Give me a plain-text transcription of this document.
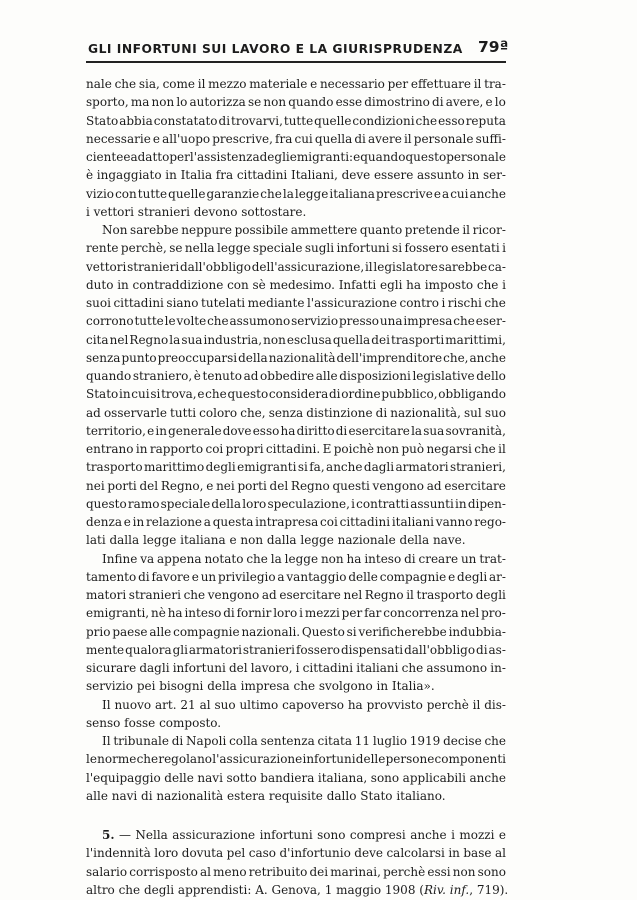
GLI INFORTUNI SUI LAVORO E LA GIURISPRUDENZA 79ª
nale che sia, come il mezzo materiale e necessario per effettuare il tra-
sporto, ma non lo autorizza se non quando esse dimostrino di avere, e lo
Stato abbia constatato di trovarvi, tutte quelle condizioni che esso reputa
necessarie e all'uopo prescrive, fra cui quella di avere il personale suffi-
ciente e adatto per l'assistenza degli emigranti: e quando questo personale
è ingaggiato in Italia fra cittadini Italiani, deve essere assunto in ser-
vizio con tutte quelle garanzie che la legge italiana prescrive e a cui anche
i vettori stranieri devono sottostare.
Non sarebbe neppure possibile ammettere quanto pretende il ricor-
rente perchè, se nella legge speciale sugli infortuni si fossero esentati i
vettori stranieri dall'obbligo dell'assicurazione, il legislatore sarebbe ca-
duto in contraddizione con sè medesimo. Infatti egli ha imposto che i
suoi cittadini siano tutelati mediante l'assicurazione contro i rischi che
corrono tutte le volte che assumono servizio presso una impresa che eser-
cita nel Regno la sua industria, non esclusa quella dei trasporti marittimi,
senza punto preoccuparsi della nazionalità dell'imprenditore che, anche
quando straniero, è tenuto ad obbedire alle disposizioni legislative dello
Stato in cui si trova, e che questo considera di ordine pubblico, obbligando
ad osservarle tutti coloro che, senza distinzione di nazionalità, sul suo
territorio, e in generale dove esso ha diritto di esercitare la sua sovranità,
entrano in rapporto coi propri cittadini. E poichè non può negarsi che il
trasporto marittimo degli emigranti si fa, anche dagli armatori stranieri,
nei porti del Regno, e nei porti del Regno questi vengono ad esercitare
questo ramo speciale della loro speculazione, i contratti assunti in dipen-
denza e in relazione a questa intrapresa coi cittadini italiani vanno rego-
lati dalla legge italiana e non dalla legge nazionale della nave.
Infine va appena notato che la legge non ha inteso di creare un trat-
tamento di favore e un privilegio a vantaggio delle compagnie e degli ar-
matori stranieri che vengono ad esercitare nel Regno il trasporto degli
emigranti, nè ha inteso di fornir loro i mezzi per far concorrenza nel pro-
prio paese alle compagnie nazionali. Questo si verificherebbe indubbia-
mente qualora gli armatori stranieri fossero dispensati dall'obbligo di as-
sicurare dagli infortuni del lavoro, i cittadini italiani che assumono in-
servizio pei bisogni della impresa che svolgono in Italia».
Il nuovo art. 21 al suo ultimo capoverso ha provvisto perchè il dis-
senso fosse composto.
Il tribunale di Napoli colla sentenza citata 11 luglio 1919 decise che
le norme che regolano l'assicurazione infortuni delle persone componenti
l'equipaggio delle navi sotto bandiera italiana, sono applicabili anche
alle navi di nazionalità estera requisite dallo Stato italiano.
5. — Nella assicurazione infortuni sono compresi anche i mozzi e
l'indennità loro dovuta pel caso d'infortunio deve calcolarsi in base al
salario corrisposto al meno retribuito dei marinai, perchè essi non sono
altro che degli apprendisti: A. Genova, 1 maggio 1908 (Riv. inf., 719).
